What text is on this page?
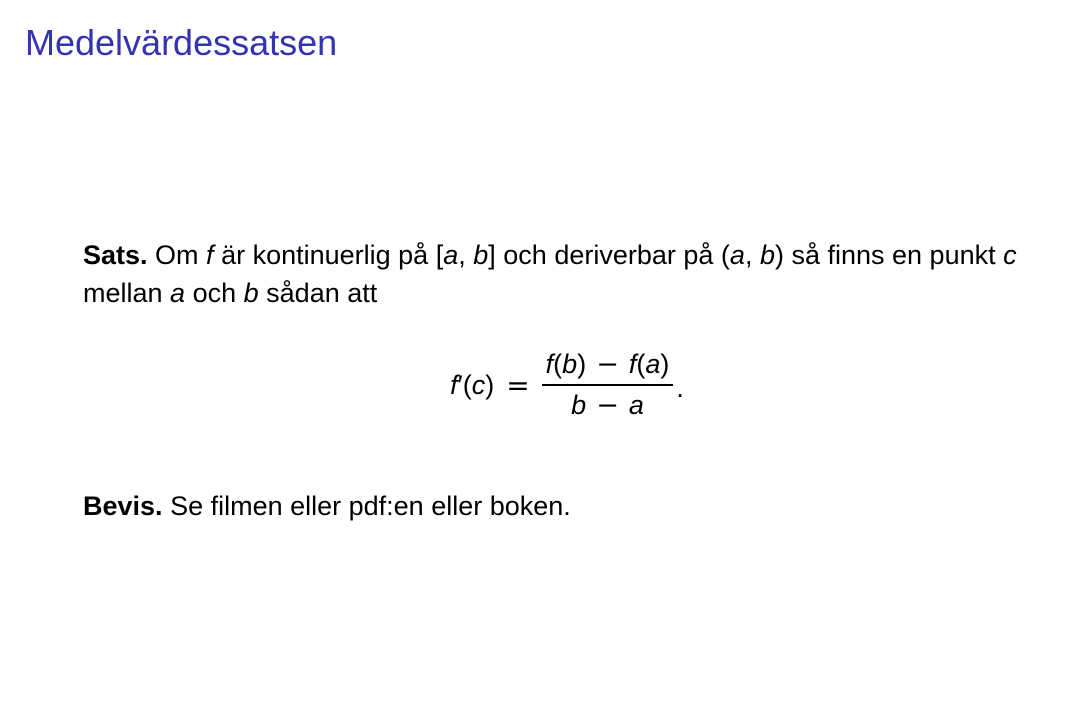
Medelvärdessatsen
Sats. Om f är kontinuerlig på [a, b] och deriverbar på (a, b) så finns en punkt c mellan a och b sådan att
$f'(c) = \frac{f(b) - f(a)}{b - a}$ .
Bevis. Se filmen eller pdf:en eller boken.
